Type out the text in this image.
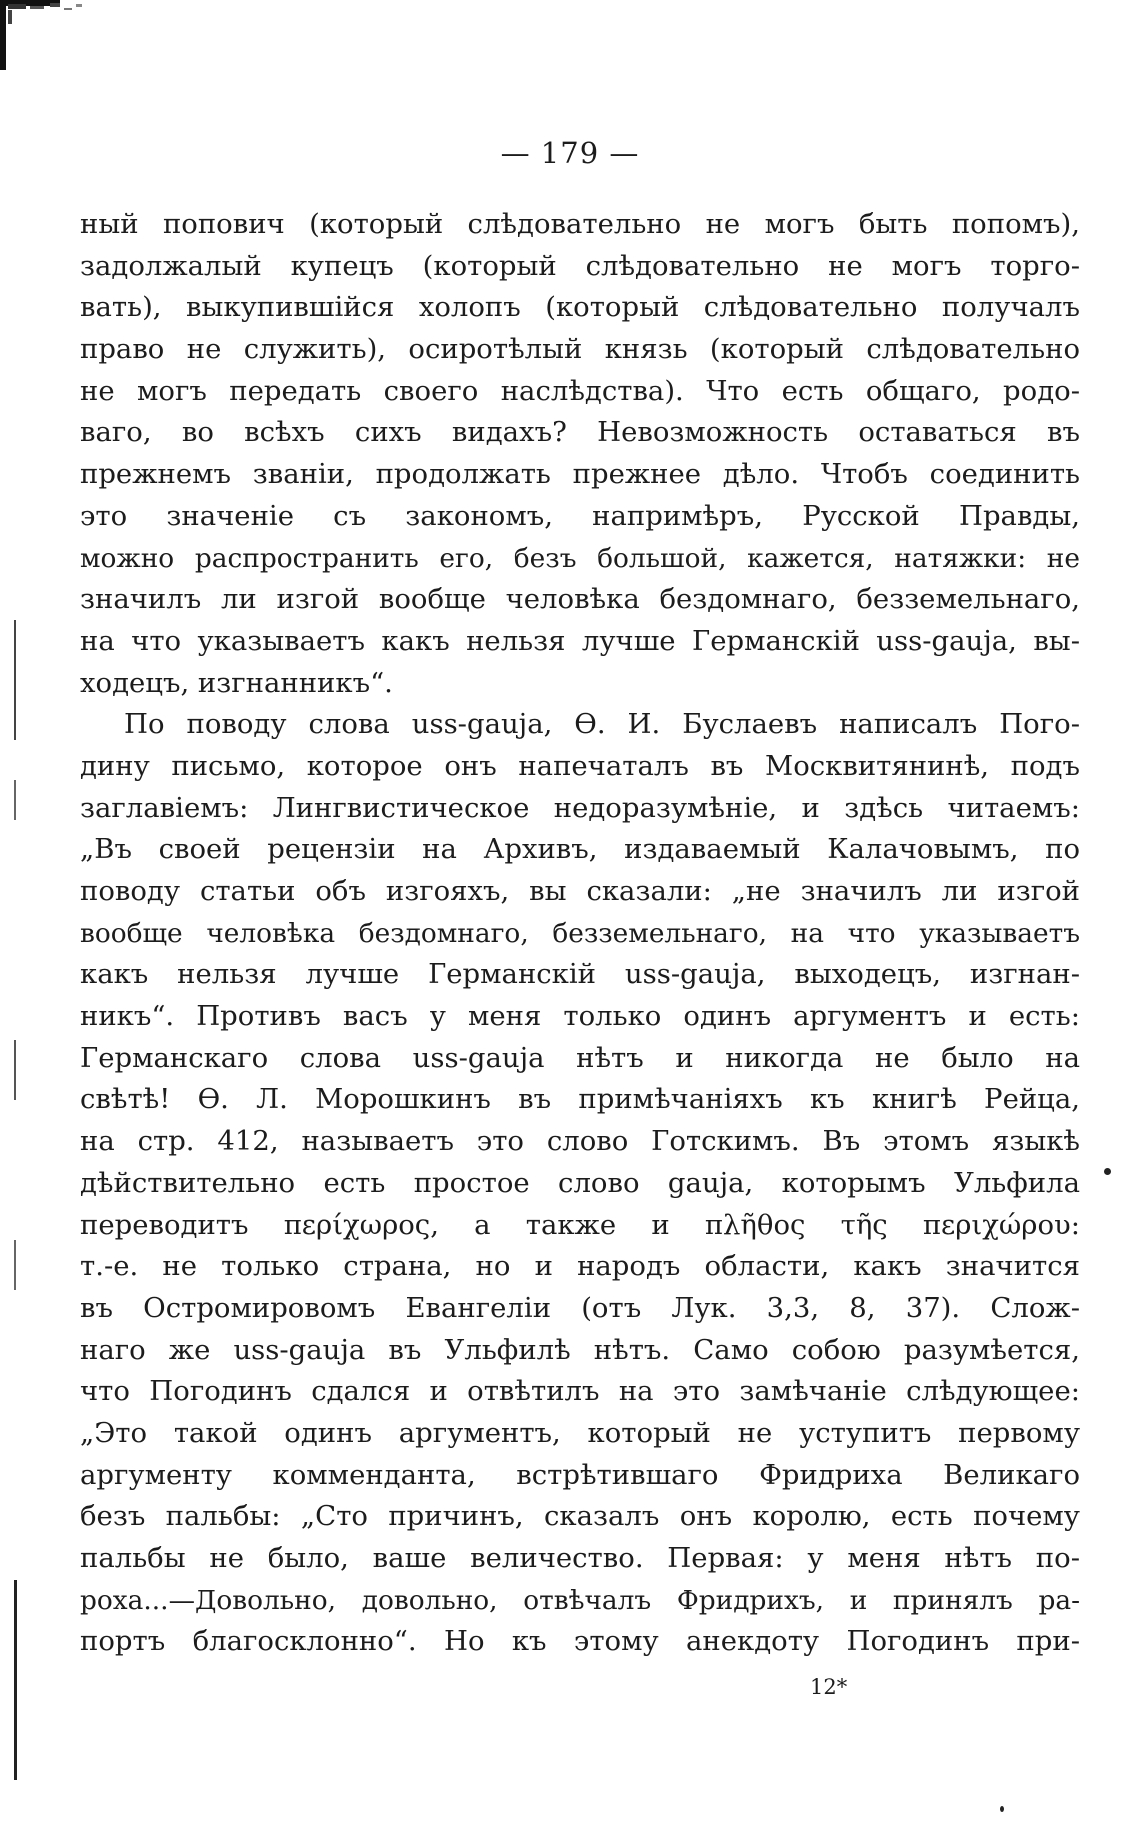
— 179 —
ный попович (который слѣдовательно не могъ быть попомъ),
задолжалый купецъ (который слѣдовательно не могъ торго-
вать), выкупившійся холопъ (который слѣдовательно получалъ
право не служить), осиротѣлый князь (который слѣдовательно
не могъ передать своего наслѣдства). Что есть общаго, родо-
ваго, во всѣхъ сихъ видахъ? Невозможность оставаться въ
прежнемъ званіи, продолжать прежнее дѣло. Чтобъ соединить
это значеніе съ закономъ, напримѣръ, Русской Правды,
можно распространить его, безъ большой, кажется, натяжки: не
значилъ ли изгой вообще человѣка бездомнаго, безземельнаго,
на что указываетъ какъ нельзя лучше Германскій uss-gauja, вы-
ходецъ, изгнанникъ“.
По поводу слова uss-gauja, Ѳ. И. Буслаевъ написалъ Пого-
дину письмо, которое онъ напечаталъ въ Москвитянинѣ, подъ
заглавіемъ: Лингвистическое недоразумѣніе, и здѣсь читаемъ:
„Въ своей рецензіи на Архивъ, издаваемый Калачовымъ, по
поводу статьи объ изгояхъ, вы сказали: „не значилъ ли изгой
вообще человѣка бездомнаго, безземельнаго, на что указываетъ
какъ нельзя лучше Германскій uss-gauja, выходецъ, изгнан-
никъ“. Противъ васъ у меня только одинъ аргументъ и есть:
Германскаго слова uss-gauja нѣтъ и никогда не было на
свѣтѣ! Ѳ. Л. Морошкинъ въ примѣчаніяхъ къ книгѣ Рейца,
на стр. 412, называетъ это слово Готскимъ. Въ этомъ языкѣ
дѣйствительно есть простое слово gauja, которымъ Ульфила
переводитъ περίχωρος, а также и πλῆθος τῆς περιχώρου:
т.-е. не только страна, но и народъ области, какъ значится
въ Остромировомъ Евангеліи (отъ Лук. 3,3, 8, 37). Слож-
наго же uss-gauja въ Ульфилѣ нѣтъ. Само собою разумѣется,
что Погодинъ сдался и отвѣтилъ на это замѣчаніе слѣдующее:
„Это такой одинъ аргументъ, который не уступитъ первому
аргументу комменданта, встрѣтившаго Фридриха Великаго
безъ пальбы: „Сто причинъ, сказалъ онъ королю, есть почему
пальбы не было, ваше величество. Первая: у меня нѣтъ по-
роха...—Довольно, довольно, отвѣчалъ Фридрихъ, и принялъ ра-
портъ благосклонно“. Но къ этому анекдоту Погодинъ при-
12*
